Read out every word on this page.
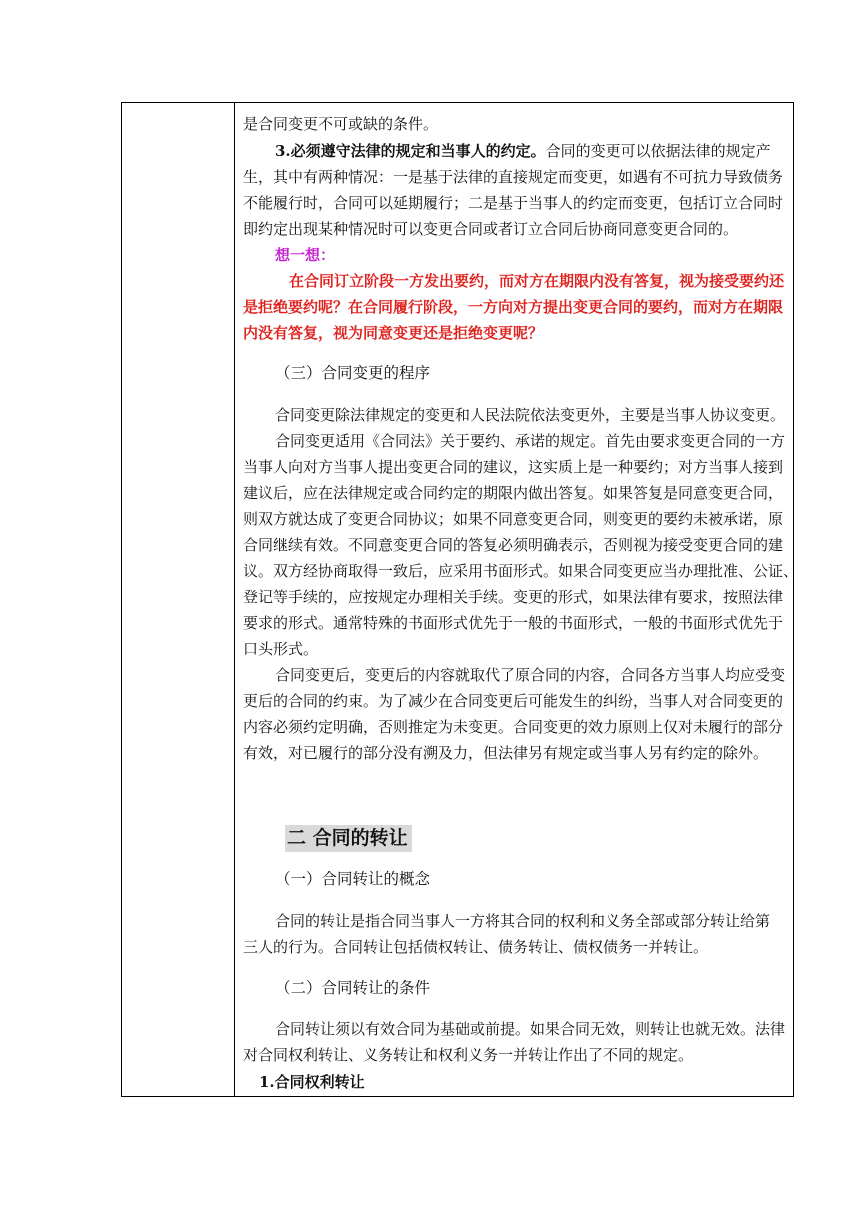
是合同变更不可或缺的条件。
3.必须遵守法律的规定和当事人的约定。合同的变更可以依据法律的规定产
生，其中有两种情况：一是基于法律的直接规定而变更，如遇有不可抗力导致债务
不能履行时，合同可以延期履行；二是基于当事人的约定而变更，包括订立合同时
即约定出现某种情况时可以变更合同或者订立合同后协商同意变更合同的。
想一想：
在合同订立阶段一方发出要约，而对方在期限内没有答复，视为接受要约还
是拒绝要约呢？在合同履行阶段，一方向对方提出变更合同的要约，而对方在期限
内没有答复，视为同意变更还是拒绝变更呢？
（三）合同变更的程序
合同变更除法律规定的变更和人民法院依法变更外，主要是当事人协议变更。
合同变更适用《合同法》关于要约、承诺的规定。首先由要求变更合同的一方
当事人向对方当事人提出变更合同的建议，这实质上是一种要约；对方当事人接到
建议后，应在法律规定或合同约定的期限内做出答复。如果答复是同意变更合同，
则双方就达成了变更合同协议；如果不同意变更合同，则变更的要约未被承诺，原
合同继续有效。不同意变更合同的答复必须明确表示，否则视为接受变更合同的建
议。双方经协商取得一致后，应采用书面形式。如果合同变更应当办理批准、公证、
登记等手续的，应按规定办理相关手续。变更的形式，如果法律有要求，按照法律
要求的形式。通常特殊的书面形式优先于一般的书面形式，一般的书面形式优先于
口头形式。
合同变更后，变更后的内容就取代了原合同的内容，合同各方当事人均应受变
更后的合同的约束。为了减少在合同变更后可能发生的纠纷，当事人对合同变更的
内容必须约定明确，否则推定为未变更。合同变更的效力原则上仅对未履行的部分
有效，对已履行的部分没有溯及力，但法律另有规定或当事人另有约定的除外。
二 合同的转让
（一）合同转让的概念
合同的转让是指合同当事人一方将其合同的权利和义务全部或部分转让给第
三人的行为。合同转让包括债权转让、债务转让、债权债务一并转让。
（二）合同转让的条件
合同转让须以有效合同为基础或前提。如果合同无效，则转让也就无效。法律
对合同权利转让、义务转让和权利义务一并转让作出了不同的规定。
1.合同权利转让
